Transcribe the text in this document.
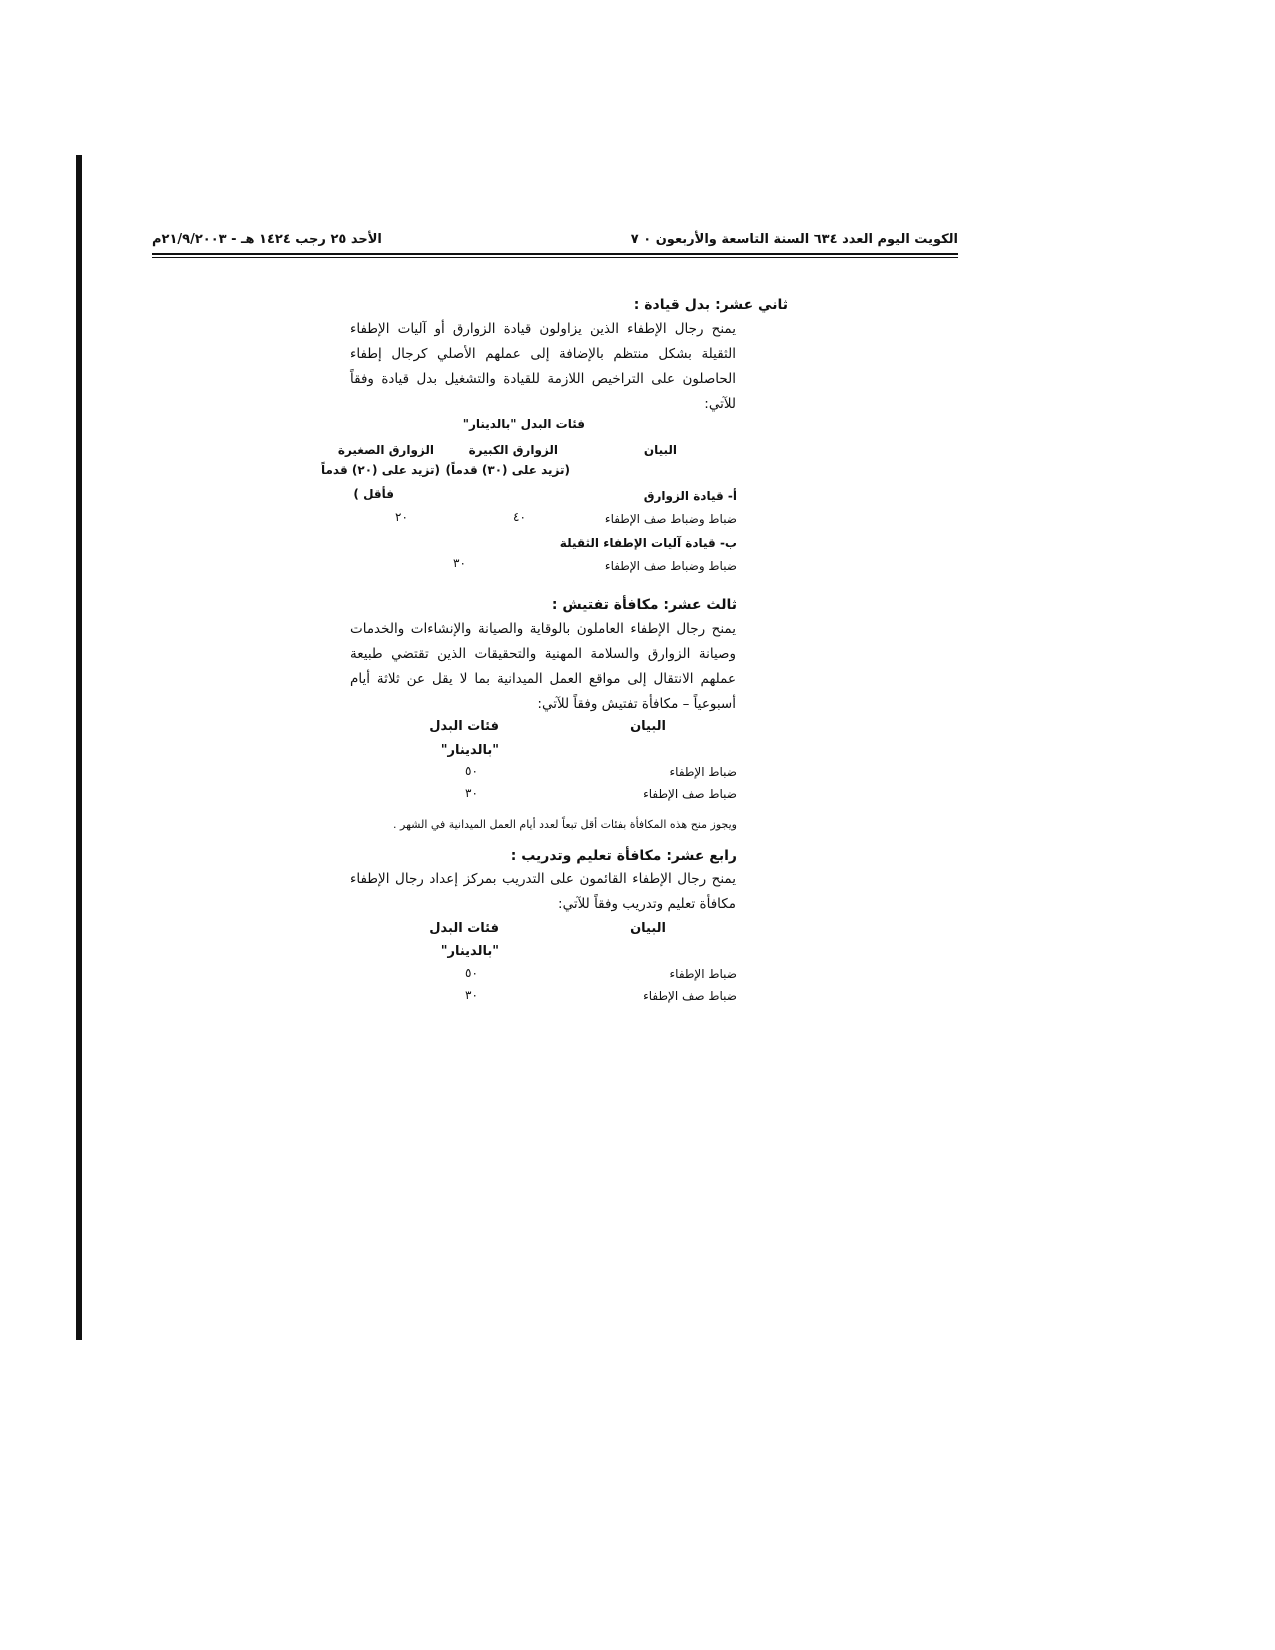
الكويت اليوم العدد ٦٣٤ السنة التاسعة والأربعون ٠ ٧
الأحد ٢٥ رجب ١٤٢٤ هـ - ٢١/٩/٢٠٠٣م
ثاني عشر: بدل قيادة :
يمنح رجال الإطفاء الذين يزاولون قيادة الزوارق أو آليات الإطفاء الثقيلة بشكل منتظم بالإضافة إلى عملهم الأصلي كرجال إطفاء الحاصلون على التراخيص اللازمة للقيادة والتشغيل بدل قيادة وفقاً للآتي:
فئات البدل "بالدينار"
البيان
الزوارق الكبيرة
(تزيد على (٣٠) قدماً)
الزوارق الصغيرة
(تزيد على (٢٠) قدماً
فأقل )	أ- قيادة الزوارق
ضباط وضباط صف الإطفاء
٤٠
٢٠
ب- قيادة آليات الإطفاء الثقيلة
ضباط وضباط صف الإطفاء
٣٠
ثالث عشر: مكافأة تفتيش :
يمنح رجال الإطفاء العاملون بالوقاية والصيانة والإنشاءات والخدمات وصيانة الزوارق والسلامة المهنية والتحقيقات الذين تقتضي طبيعة عملهم الانتقال إلى مواقع العمل الميدانية بما لا يقل عن ثلاثة أيام أسبوعياً – مكافأة تفتيش وفقاً للآتي:
البيان
فئات البدل
"بالدينار"
ضباط الإطفاء
٥٠
ضباط صف الإطفاء
٣٠
ويجوز منح هذه المكافأة بفئات أقل تبعاً لعدد أيام العمل الميدانية في الشهر .
رابع عشر: مكافأة تعليم وتدريب :
يمنح رجال الإطفاء القائمون على التدريب بمركز إعداد رجال الإطفاء مكافأة تعليم وتدريب وفقاً للآتي:
البيان
فئات البدل
"بالدينار"
ضباط الإطفاء
٥٠
ضباط صف الإطفاء
٣٠
